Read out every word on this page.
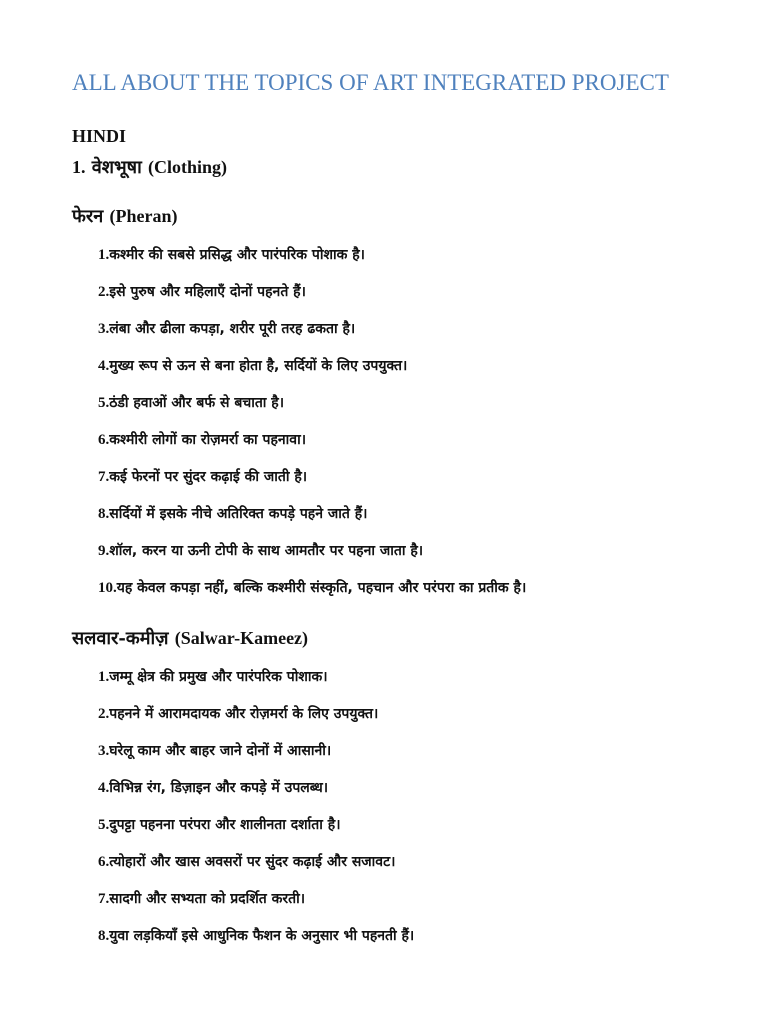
ALL ABOUT THE TOPICS OF ART INTEGRATED PROJECT
HINDI
1. वेशभूषा (Clothing)
फेरन (Pheran)
1.कश्मीर की सबसे प्रसिद्ध और पारंपरिक पोशाक है।
2.इसे पुरुष और महिलाएँ दोनों पहनते हैं।
3.लंबा और ढीला कपड़ा, शरीर पूरी तरह ढकता है।
4.मुख्य रूप से ऊन से बना होता है, सर्दियों के लिए उपयुक्त।
5.ठंडी हवाओं और बर्फ से बचाता है।
6.कश्मीरी लोगों का रोज़मर्रा का पहनावा।
7.कई फेरनों पर सुंदर कढ़ाई की जाती है।
8.सर्दियों में इसके नीचे अतिरिक्त कपड़े पहने जाते हैं।
9.शॉल, करन या ऊनी टोपी के साथ आमतौर पर पहना जाता है।
10.यह केवल कपड़ा नहीं, बल्कि कश्मीरी संस्कृति, पहचान और परंपरा का प्रतीक है।
सलवार-कमीज़ (Salwar-Kameez)
1.जम्मू क्षेत्र की प्रमुख और पारंपरिक पोशाक।
2.पहनने में आरामदायक और रोज़मर्रा के लिए उपयुक्त।
3.घरेलू काम और बाहर जाने दोनों में आसानी।
4.विभिन्न रंग, डिज़ाइन और कपड़े में उपलब्ध।
5.दुपट्टा पहनना परंपरा और शालीनता दर्शाता है।
6.त्योहारों और खास अवसरों पर सुंदर कढ़ाई और सजावट।
7.सादगी और सभ्यता को प्रदर्शित करती।
8.युवा लड़कियाँ इसे आधुनिक फैशन के अनुसार भी पहनती हैं।
